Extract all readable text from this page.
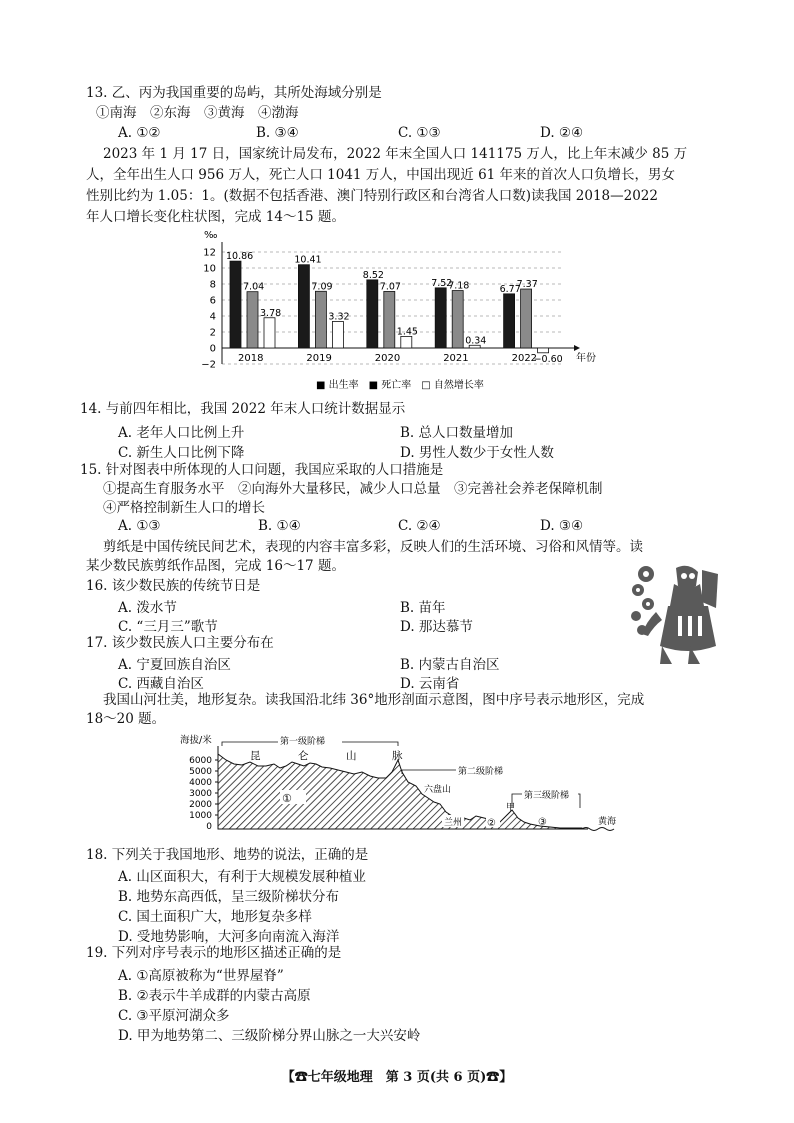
13. 乙、丙为我国重要的岛屿，其所处海域分别是
①南海　②东海　③黄海　④渤海
A. ①②	B. ③④	C. ①③	D. ②④
2023 年 1 月 17 日，国家统计局发布，2022 年末全国人口 141175 万人，比上年末减少 85 万
人，全年出生人口 956 万人，死亡人口 1041 万人，中国出现近 61 年来的首次人口负增长，男女
性别比约为 1.05：1。(数据不包括香港、澳门特别行政区和台湾省人口数)读我国 2018—2022
年人口增长变化柱状图，完成 14～15 题。
‰
12
10
8
6
4
2
0
−2
年份
10.86
7.04
3.78
2018
10.41
7.09
3.32
2019
8.52
7.07
1.45
2020
7.52
7.18
0.34
2021
6.77
7.37
−0.60
2022
■ 出生率　■ 死亡率　□ 自然增长率
14. 与前四年相比，我国 2022 年末人口统计数据显示
A. 老年人口比例上升	B. 总人口数量增加
C. 新生人口比例下降	D. 男性人数少于女性人数
15. 针对图表中所体现的人口问题，我国应采取的人口措施是
①提高生育服务水平　②向海外大量移民，减少人口总量　③完善社会养老保障机制
④严格控制新生人口的增长
A. ①③	B. ①④	C. ②④	D. ③④
剪纸是中国传统民间艺术，表现的内容丰富多彩，反映人们的生活环境、习俗和风情等。读
某少数民族剪纸作品图，完成 16～17 题。
16. 该少数民族的传统节日是
A. 泼水节	B. 苗年
C. “三月三”歌节	D. 那达慕节
17. 该少数民族人口主要分布在
A. 宁夏回族自治区	B. 内蒙古自治区
C. 西藏自治区	D. 云南省
我国山河壮美，地形复杂。读我国沿北纬 36°地形剖面示意图，图中序号表示地形区，完成
18～20 题。
海拔/米
6000
5000
4000
3000
2000
1000
0
①
②	③
第一级阶梯
第二级阶梯
第三级阶梯
昆	仑	山	脉
六盘山
兰州
甲
黄海
18. 下列关于我国地形、地势的说法，正确的是
A. 山区面积大，有利于大规模发展种植业
B. 地势东高西低，呈三级阶梯状分布
C. 国土面积广大，地形复杂多样
D. 受地势影响，大河多向南流入海洋
19. 下列对序号表示的地形区描述正确的是
A. ①高原被称为“世界屋脊”
B. ②表示牛羊成群的内蒙古高原
C. ③平原河湖众多
D. 甲为地势第二、三级阶梯分界山脉之一大兴安岭
【☎七年级地理　第 3 页(共 6 页)☎】
